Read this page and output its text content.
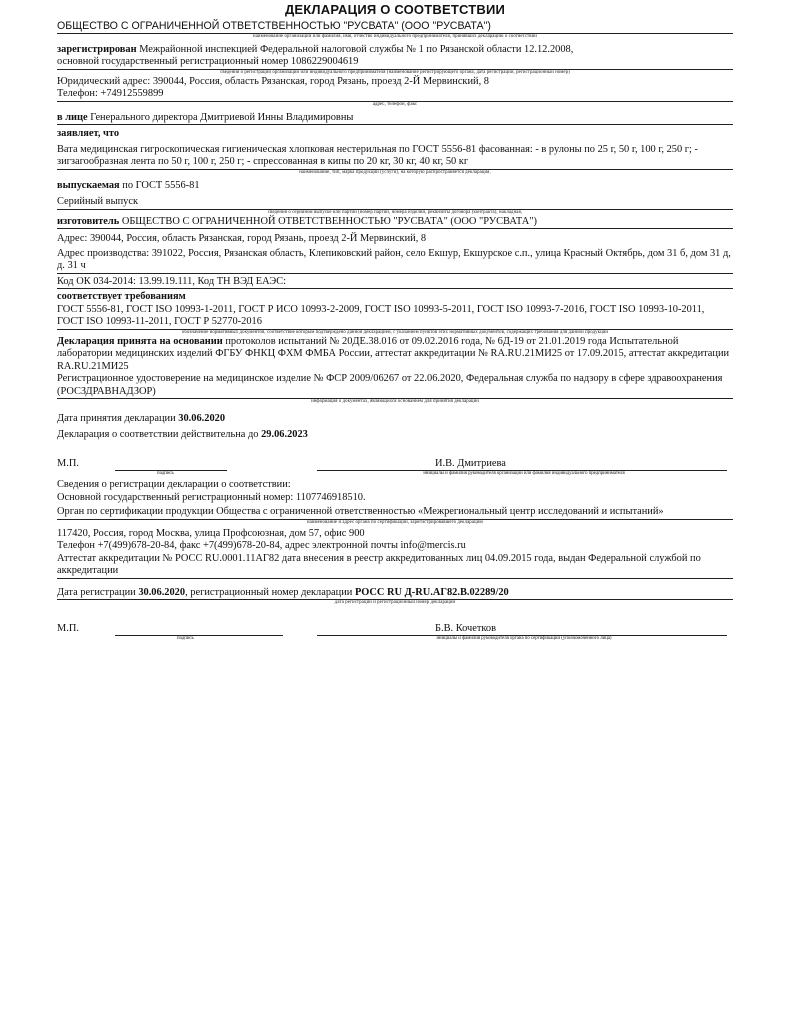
ДЕКЛАРАЦИЯ О СООТВЕТСТВИИ
ОБЩЕСТВО С ОГРАНИЧЕННОЙ ОТВЕТСТВЕННОСТЬЮ "РУСВАТА" (ООО "РУСВАТА")
наименование организации или фамилия, имя, отчество индивидуального предпринимателя, принявших декларацию о соответствии
зарегистрирован Межрайонной инспекцией Федеральной налоговой службы № 1 по Рязанской области 12.12.2008,
основной государственный регистрационный номер 1086229004619
сведения о регистрации организации или индивидуального предпринимателя (наименование регистрирующего органа, дата регистрации, регистрационный номер)
Юридический адрес: 390044, Россия, область Рязанская, город Рязань, проезд 2-Й Мервинский, 8
Телефон: +74912559899
адрес, телефон, факс
в лице Генерального директора Дмитриевой Инны Владимировны
заявляет, что
Вата медицинская гигроскопическая гигиеническая хлопковая нестерильная по ГОСТ 5556-81 фасованная: - в рулоны по 25 г, 50 г, 100 г, 250 г; - зигзагообразная лента по 50 г, 100 г, 250 г; - спрессованная в кипы по 20 кг, 30 кг, 40 кг, 50 кг
наименование, тип, марка продукции (услуги), на которую распространяется декларация,
выпускаемая по ГОСТ 5556-81
Серийный выпуск
сведения о серийном выпуске или партии (номер партии, номера изделий, реквизиты договора (контракта), накладная,
изготовитель ОБЩЕСТВО С ОГРАНИЧЕННОЙ ОТВЕТСТВЕННОСТЬЮ "РУСВАТА" (ООО "РУСВАТА")
Адрес: 390044, Россия, область Рязанская, город Рязань, проезд 2-Й Мервинский, 8
Адрес производства: 391022, Россия, Рязанская область, Клепиковский район, село Екшур, Екшурское с.п., улица Красный Октябрь, дом 31 б, дом 31 д, д. 31 ч
Код ОК 034-2014: 13.99.19.111, Код ТН ВЭД ЕАЭС:
соответствует требованиям
ГОСТ 5556-81, ГОСТ ISO 10993-1-2011, ГОСТ Р ИСО 10993-2-2009, ГОСТ ISO 10993-5-2011, ГОСТ ISO 10993-7-2016, ГОСТ ISO 10993-10-2011, ГОСТ ISO 10993-11-2011, ГОСТ Р 52770-2016
обозначение нормативных документов, соответствие которым подтверждено данной декларацией, с указанием пунктов этих нормативных документов, содержащих требования для данной продукции
Декларация принята на основании протоколов испытаний № 20ДЕ.38.016 от 09.02.2016 года, № 6Д-19 от 21.01.2019 года Испытательной лаборатории медицинских изделий ФГБУ ФНКЦ ФХМ ФМБА России, аттестат аккредитации № RA.RU.21МИ25 от 17.09.2015, аттестат аккредитации RA.RU.21МИ25
Регистрационное удостоверение на медицинское изделие № ФСР 2009/06267 от 22.06.2020, Федеральная служба по надзору в сфере здравоохранения (РОСЗДРАВНАДЗОР)
информация о документах, являющихся основанием для принятия декларации
Дата принятия декларации 30.06.2020
Декларация о соответствии действительна до 29.06.2023
М.П.	И.В. Дмитриева
подпись	инициалы и фамилия руководителя организации или фамилия индивидуального предпринимателя
Сведения о регистрации декларации о соответствии:
Основной государственный регистрационный номер: 1107746918510.
Орган по сертификации продукции Общества с ограниченной ответственностью «Межрегиональный центр исследований и испытаний»
наименование и адрес органа по сертификации, зарегистрировавшего декларацию
117420, Россия, город Москва, улица Профсоюзная, дом 57, офис 900
Телефон +7(499)678-20-84, факс +7(499)678-20-84, адрес электронной почты info@mercis.ru
Аттестат аккредитации № РОСС RU.0001.11АГ82 дата внесения в реестр аккредитованных лиц 04.09.2015 года, выдан Федеральной службой по аккредитации
Дата регистрации 30.06.2020, регистрационный номер декларации РОСС RU Д-RU.АГ82.В.02289/20
дата регистрации и регистрационный номер декларации
М.П.	Б.В. Кочетков
подпись	инициалы и фамилия руководителя органа по сертификации (уполномоченного лица)
